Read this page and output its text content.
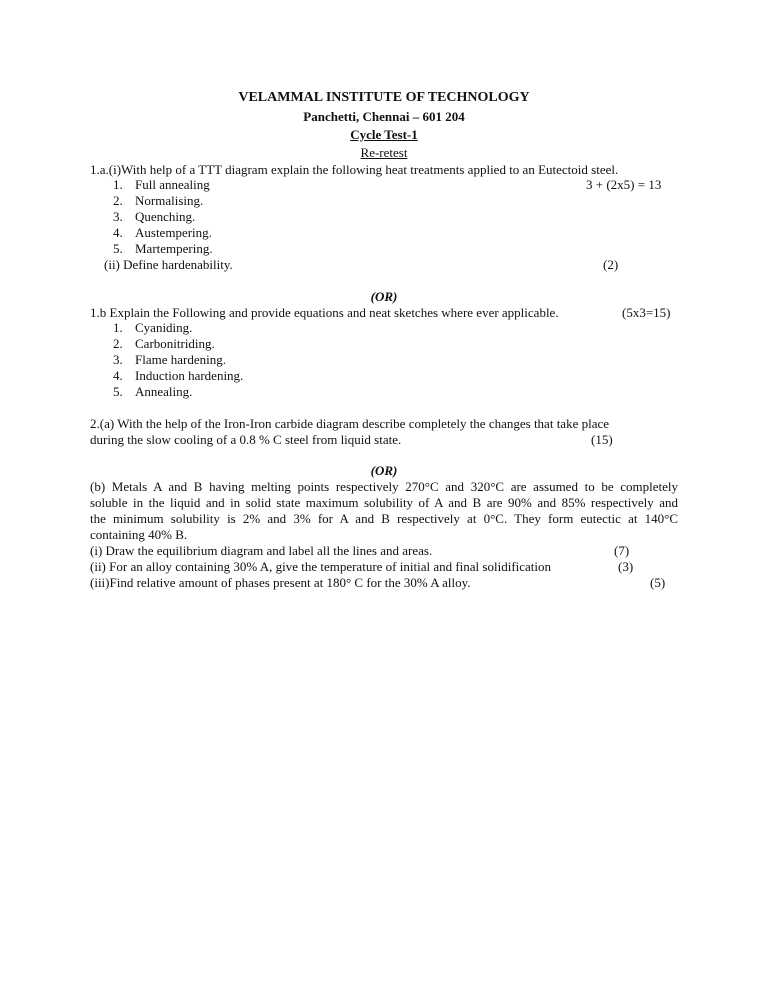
VELAMMAL INSTITUTE OF TECHNOLOGY
Panchetti, Chennai – 601 204
Cycle Test-1
Re-retest
1.a.(i)With help of a TTT diagram explain the following heat treatments applied to an Eutectoid steel.
1. Full annealing	3 + (2x5) = 13
2. Normalising.
3. Quenching.
4. Austempering.
5. Martempering.
(ii) Define hardenability.	(2)
(OR)
1.b Explain the Following and provide equations and neat sketches where ever applicable.	(5x3=15)
1. Cyaniding.
2. Carbonitriding.
3. Flame hardening.
4. Induction hardening.
5. Annealing.
2.(a) With the help of the Iron-Iron carbide diagram describe completely the changes that take place
during the slow cooling of a 0.8 % C steel from liquid state.	(15)
(OR)
(b) Metals A and B having melting points respectively 270°C and 320°C are assumed to be completely
soluble in the liquid and in solid state maximum solubility of A and B are 90% and 85% respectively and
the minimum solubility is 2% and 3% for A and B respectively at 0°C. They form eutectic at 140°C
containing 40% B.
(i) Draw the equilibrium diagram and label all the lines and areas.	(7)
(ii) For an alloy containing 30% A, give the temperature of initial and final solidification	(3)
(iii)Find relative amount of phases present at 180° C for the 30% A alloy.	(5)
